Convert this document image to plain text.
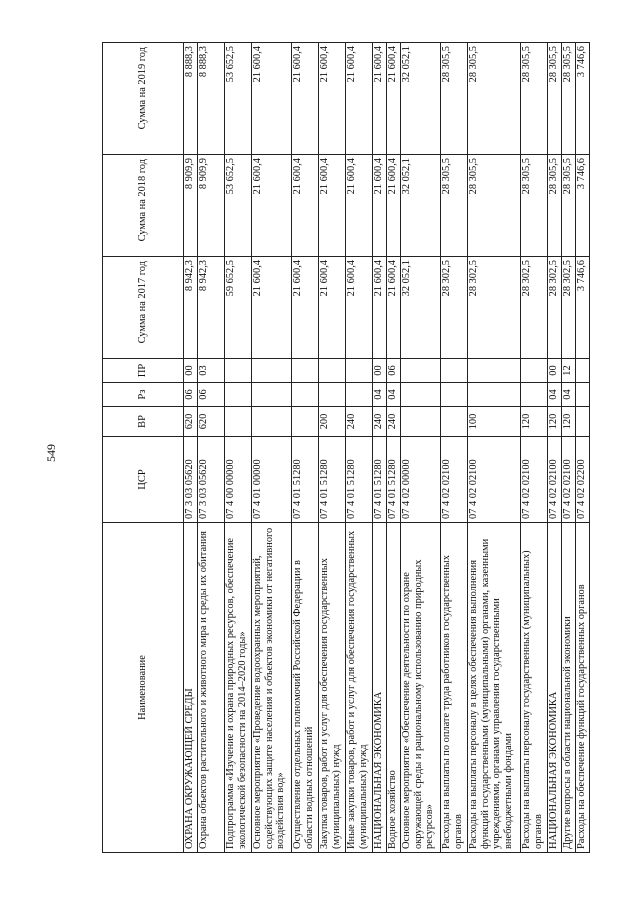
549
Наименование	ЦСР	ВР	Рз	ПР	Сумма на 2017 год	Сумма на 2018 год	Сумма на 2019 год
ОХРАНА ОКРУЖАЮЩЕЙ СРЕДЫ	07 3 03 05620	620	06	00	8 942,3	8 909,9	8 888,3
Охрана объектов растительного и животного мира и среды их обитания	07 3 03 05620	620	06	03	8 942,3	8 909,9	8 888,3
Подпрограмма «Изучение и охрана природных ресурсов, обеспечение экологической безопасности на 2014–2020 годы»	07 4 00 00000				59 652,5	53 652,5	53 652,5
Основное мероприятие «Проведение водоохранных мероприятий, содействующих защите населения и объектов экономики от негативного воздействия вод»	07 4 01 00000				21 600,4	21 600,4	21 600,4
Осуществление отдельных полномочий Российской Федерации в области водных отношений	07 4 01 51280				21 600,4	21 600,4	21 600,4
Закупка товаров, работ и услуг для обеспечения государственных (муниципальных) нужд	07 4 01 51280	200			21 600,4	21 600,4	21 600,4
Иные закупки товаров, работ и услуг для обеспечения государственных (муниципальных) нужд	07 4 01 51280	240			21 600,4	21 600,4	21 600,4
НАЦИОНАЛЬНАЯ ЭКОНОМИКА	07 4 01 51280	240	04	00	21 600,4	21 600,4	21 600,4
Водное хозяйство	07 4 01 51280	240	04	06	21 600,4	21 600,4	21 600,4
Основное мероприятие «Обеспечение деятельности по охране окружающей среды и рациональному использованию природных ресурсов»	07 4 02 00000				32 052,1	32 052,1	32 052,1
Расходы на выплаты по оплате труда работников государственных органов	07 4 02 02100				28 302,5	28 305,5	28 305,5
Расходы на выплаты персоналу в целях обеспечения выполнения функций государственными (муниципальными) органами, казенными учреждениями, органами управления государственными внебюджетными фондами	07 4 02 02100	100			28 302,5	28 305,5	28 305,5
Расходы на выплаты персоналу государственных (муниципальных) органов	07 4 02 02100	120			28 302,5	28 305,5	28 305,5
НАЦИОНАЛЬНАЯ ЭКОНОМИКА	07 4 02 02100	120	04	00	28 302,5	28 305,5	28 305,5
Другие вопросы в области национальной экономики	07 4 02 02100	120	04	12	28 302,5	28 305,5	28 305,5
Расходы на обеспечение функций государственных органов	07 4 02 02200				3 746,6	3 746,6	3 746,6
